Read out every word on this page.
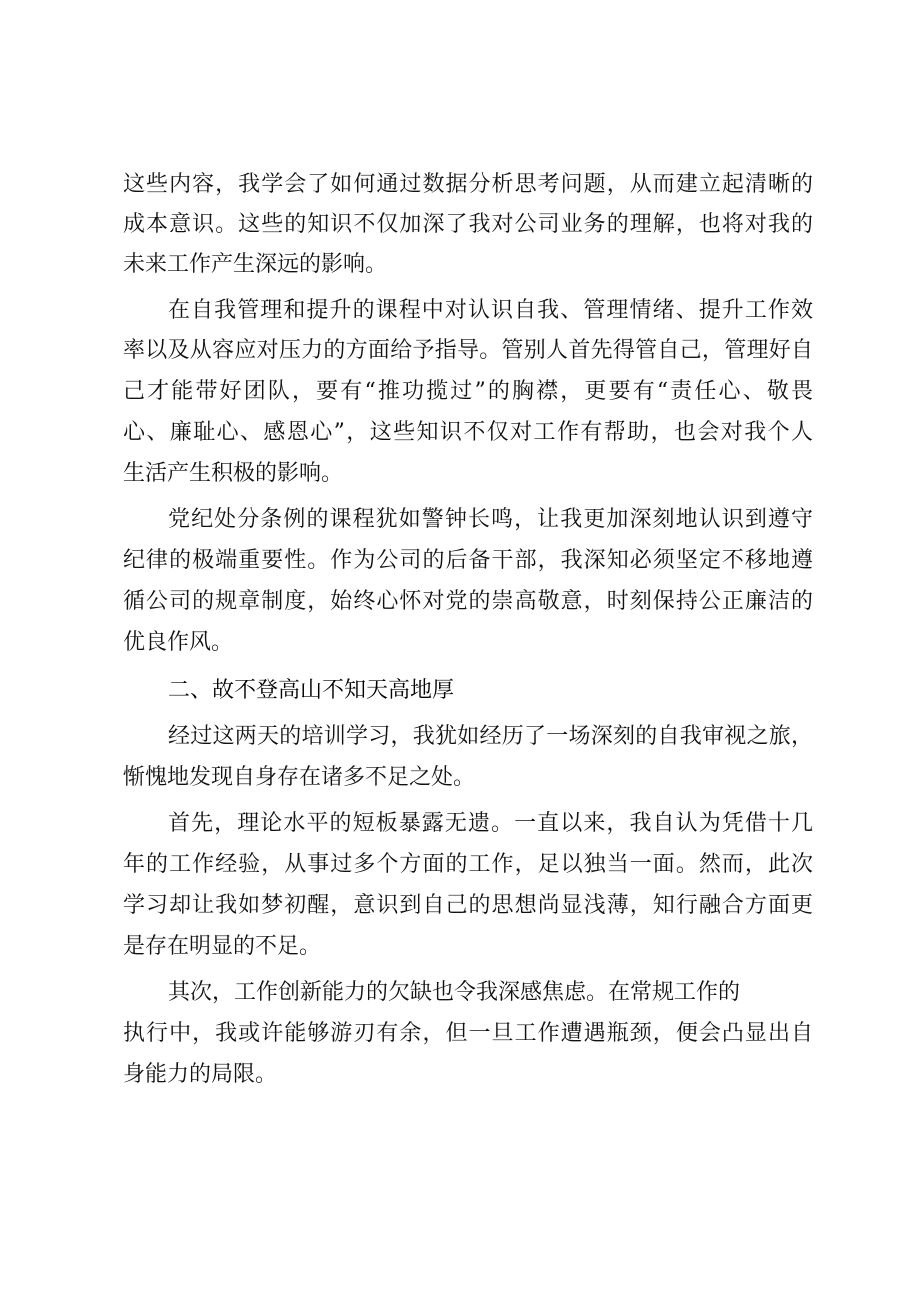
这些内容，我学会了如何通过数据分析思考问题，从而建立起清晰的
成本意识。这些的知识不仅加深了我对公司业务的理解，也将对我的
未来工作产生深远的影响。
在自我管理和提升的课程中对认识自我、管理情绪、提升工作效
率以及从容应对压力的方面给予指导。管别人首先得管自己，管理好自
己才能带好团队，要有“推功揽过”的胸襟，更要有“责任心、敬畏
心、廉耻心、感恩心”，这些知识不仅对工作有帮助，也会对我个人
生活产生积极的影响。
党纪处分条例的课程犹如警钟长鸣，让我更加深刻地认识到遵守
纪律的极端重要性。作为公司的后备干部，我深知必须坚定不移地遵
循公司的规章制度，始终心怀对党的崇高敬意，时刻保持公正廉洁的
优良作风。
二、故不登高山不知天高地厚
经过这两天的培训学习，我犹如经历了一场深刻的自我审视之旅，
惭愧地发现自身存在诸多不足之处。
首先，理论水平的短板暴露无遗。一直以来，我自认为凭借十几
年的工作经验，从事过多个方面的工作，足以独当一面。然而，此次
学习却让我如梦初醒，意识到自己的思想尚显浅薄，知行融合方面更
是存在明显的不足。
其次，工作创新能力的欠缺也令我深感焦虑。在常规工作的
执行中，我或许能够游刃有余，但一旦工作遭遇瓶颈，便会凸显出自
身能力的局限。
